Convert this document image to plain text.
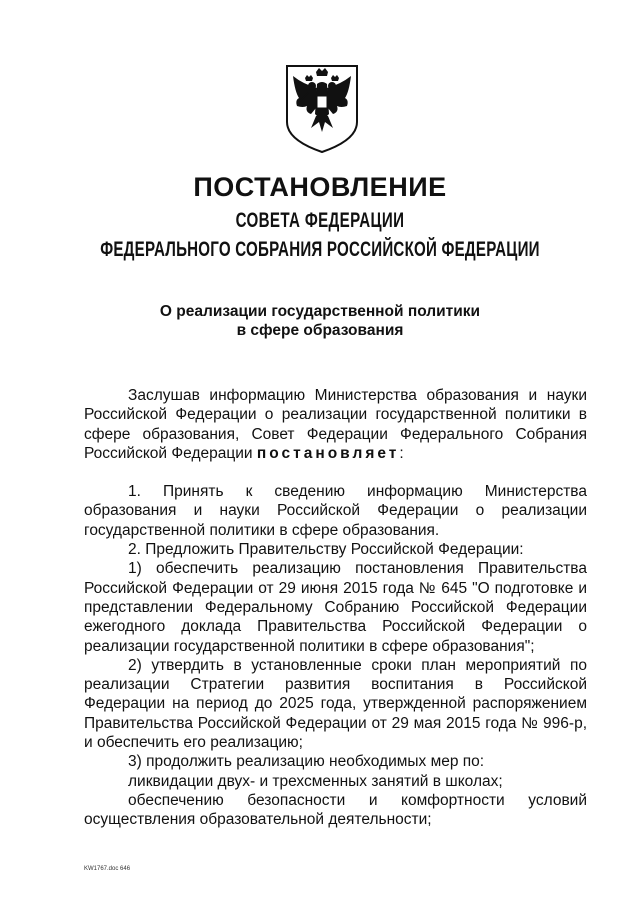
ПОСТАНОВЛЕНИЕ
СОВЕТА ФЕДЕРАЦИИ
ФЕДЕРАЛЬНОГО СОБРАНИЯ РОССИЙСКОЙ ФЕДЕРАЦИИ
О реализации государственной политики
в сфере образования

Заслушав информацию Министерства образования и науки Российской Федерации о реализации государственной политики в сфере образования, Совет Федерации Федерального Собрания Российской Федерации постановляет:

1. Принять к сведению информацию Министерства образования и науки Российской Федерации о реализации государственной политики в сфере образования.

2. Предложить Правительству Российской Федерации:

1) обеспечить реализацию постановления Правительства Российской Федерации от 29 июня 2015 года № 645 "О подготовке и представлении Федеральному Собранию Российской Федерации ежегодного доклада Правительства Российской Федерации о реализации государственной политики в сфере образования";

2) утвердить в установленные сроки план мероприятий по реализации Стратегии развития воспитания в Российской Федерации на период до 2025 года, утвержденной распоряжением Правительства Российской Федерации от 29 мая 2015 года № 996-р, и обеспечить его реализацию;

3) продолжить реализацию необходимых мер по:

ликвидации двух- и трехсменных занятий в школах;

обеспечению безопасности и комфортности условий осуществления образовательной деятельности;

KW1767.doc 646
